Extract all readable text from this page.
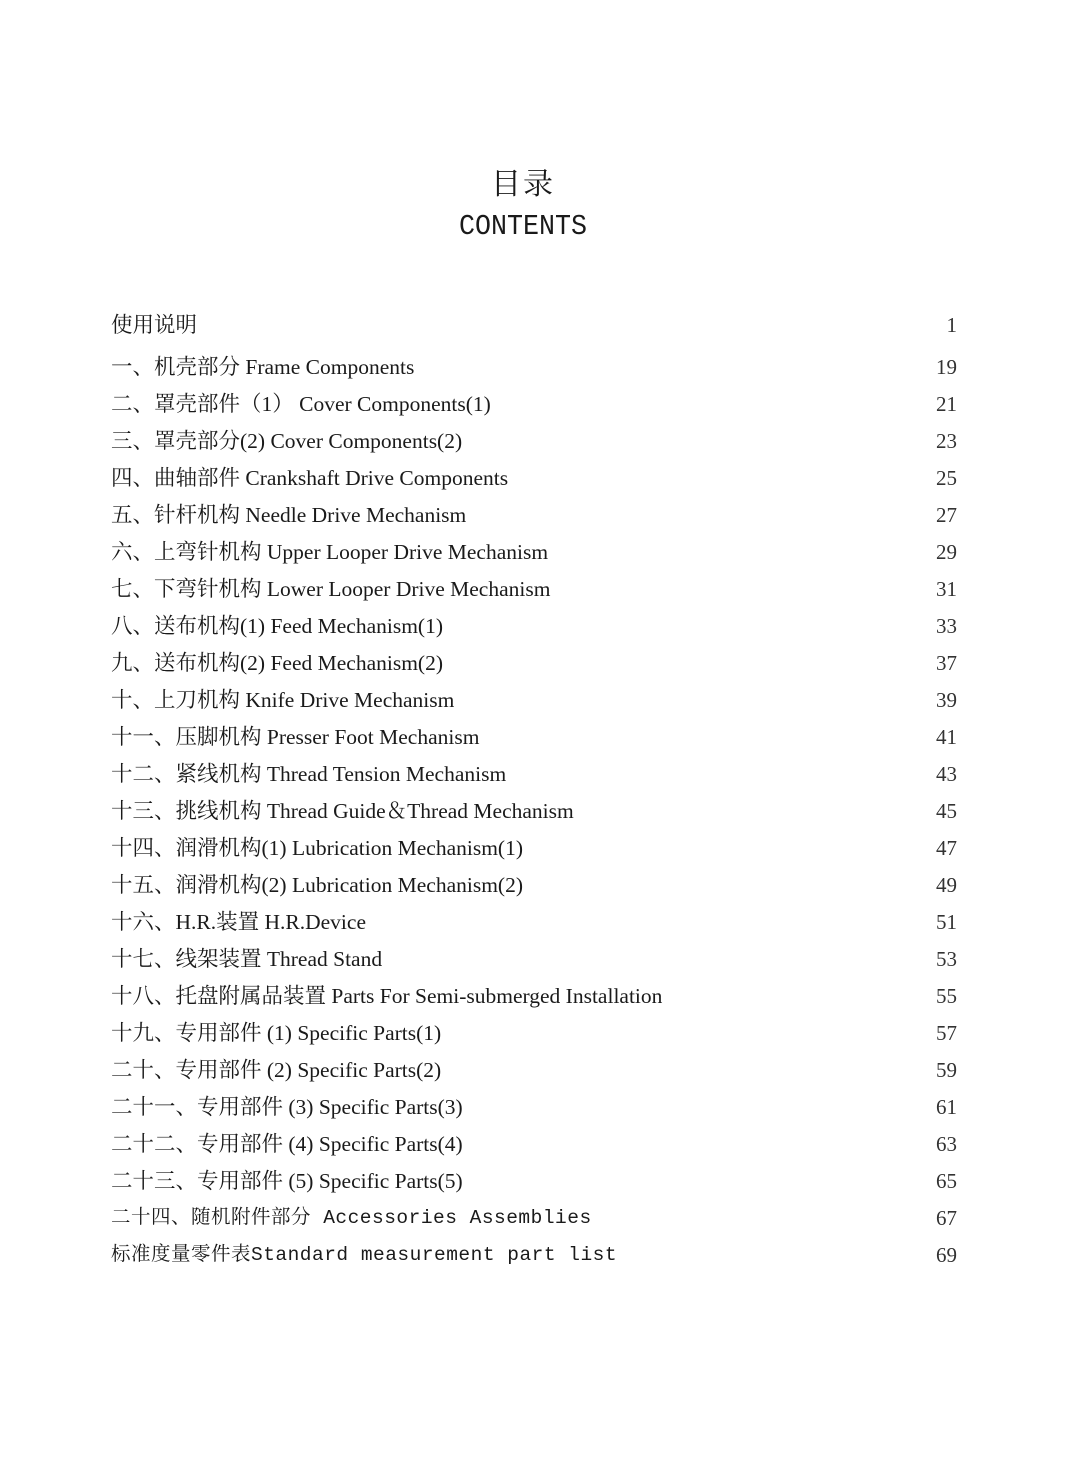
目录
CONTENTS
使用说明	1
一、机壳部分 Frame Components	19
二、罩壳部件（1） Cover Components(1)	21
三、罩壳部分(2) Cover Components(2)	23
四、曲轴部件 Crankshaft Drive Components	25
五、针杆机构 Needle Drive Mechanism	27
六、上弯针机构 Upper Looper Drive Mechanism	29
七、下弯针机构 Lower Looper Drive Mechanism	31
八、送布机构(1) Feed Mechanism(1)	33
九、送布机构(2) Feed Mechanism(2)	37
十、上刀机构 Knife Drive Mechanism	39
十一、压脚机构 Presser Foot Mechanism	41
十二、紧线机构 Thread Tension Mechanism	43
十三、挑线机构 Thread Guide＆Thread Mechanism	45
十四、润滑机构(1) Lubrication Mechanism(1)	47
十五、润滑机构(2) Lubrication Mechanism(2)	49
十六、H.R.装置 H.R.Device	51
十七、线架装置 Thread Stand	53
十八、托盘附属品装置 Parts For Semi-submerged Installation	55
十九、专用部件 (1) Specific Parts(1)	57
二十、专用部件 (2) Specific Parts(2)	59
二十一、专用部件 (3) Specific Parts(3)	61
二十二、专用部件 (4) Specific Parts(4)	63
二十三、专用部件 (5) Specific Parts(5)	65
二十四、随机附件部分 Accessories Assemblies	67
标准度量零件表Standard measurement part list	69
